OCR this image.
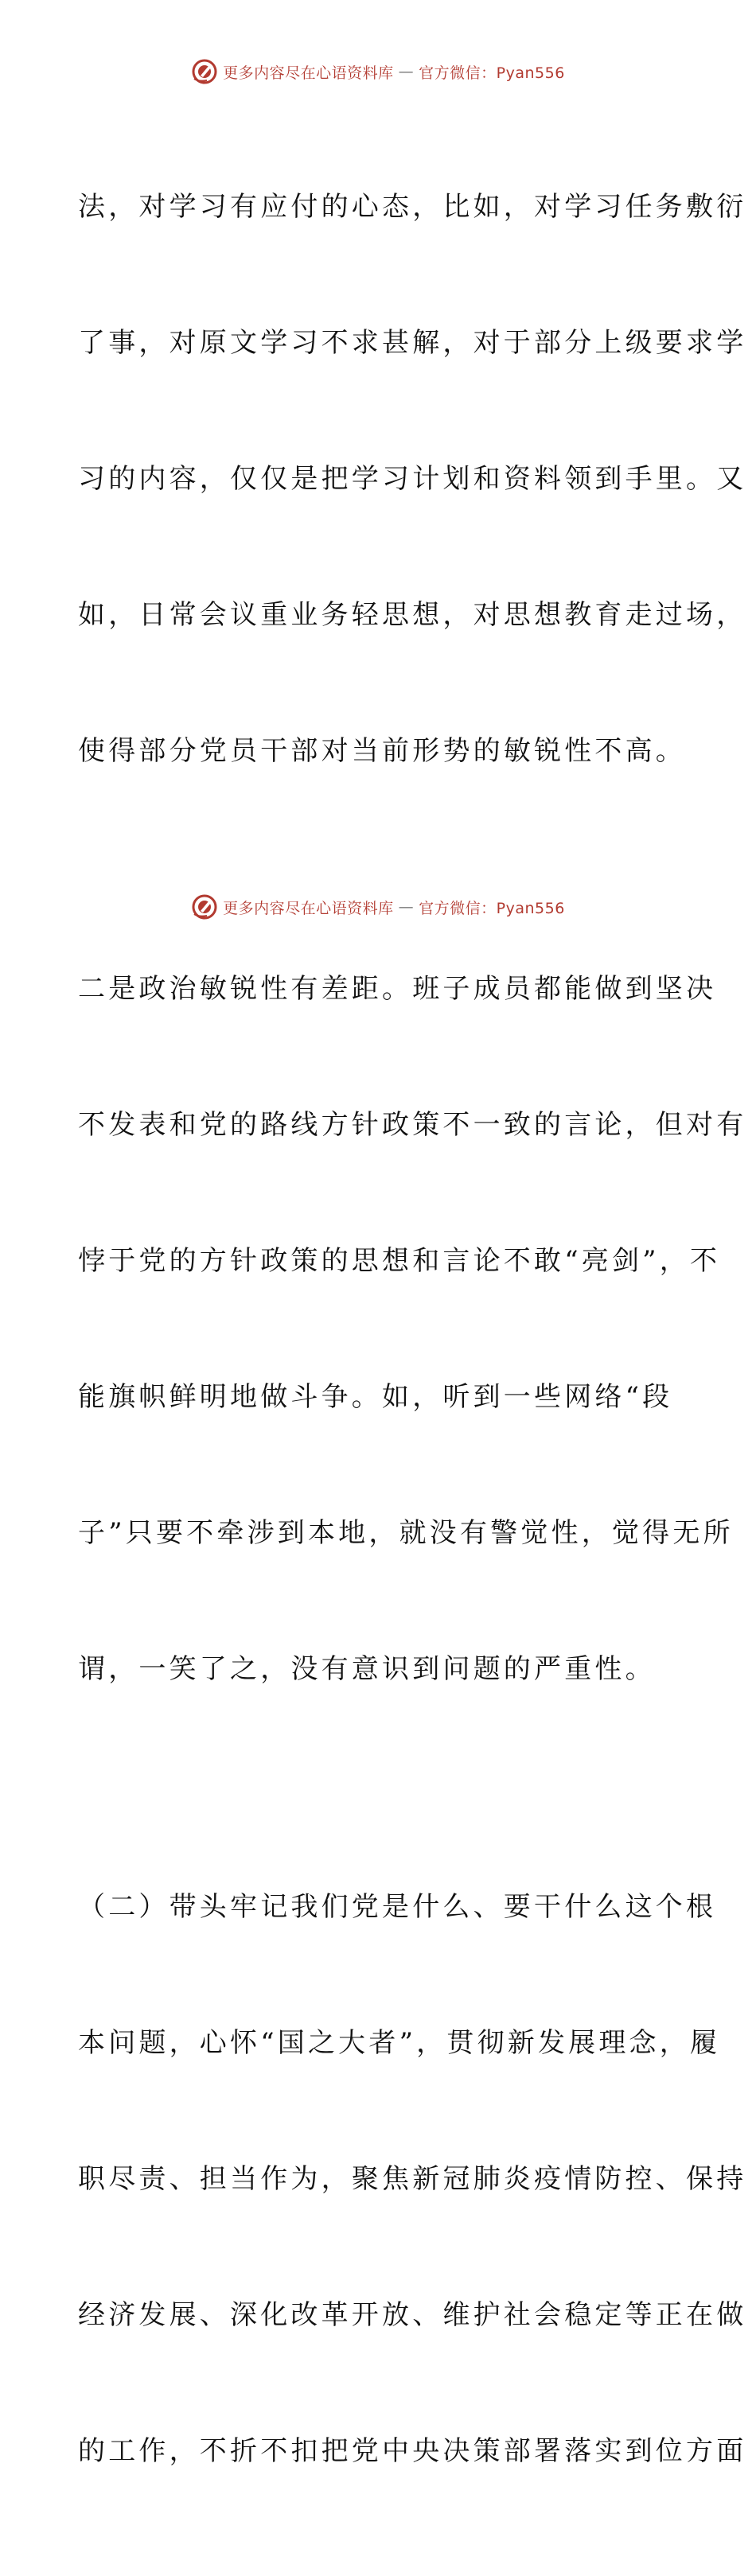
更多内容尽在心语资料库 — 官方微信：Pyan556

法，对学习有应付的心态，比如，对学习任务敷衍

了事，对原文学习不求甚解，对于部分上级要求学

习的内容，仅仅是把学习计划和资料领到手里。又

如，日常会议重业务轻思想，对思想教育走过场，

使得部分党员干部对当前形势的敏锐性不高。

二是政治敏锐性有差距。班子成员都能做到坚决

不发表和党的路线方针政策不一致的言论，但对有

悖于党的方针政策的思想和言论不敢“亮剑”，不

能旗帜鲜明地做斗争。如，听到一些网络“段

子”只要不牵涉到本地，就没有警觉性，觉得无所

谓，一笑了之，没有意识到问题的严重性。

（二）带头牢记我们党是什么、要干什么这个根

本问题，心怀“国之大者”，贯彻新发展理念，履

职尽责、担当作为，聚焦新冠肺炎疫情防控、保持

经济发展、深化改革开放、维护社会稳定等正在做

的工作，不折不扣把党中央决策部署落实到位方面

更多内容尽在心语资料库 — 官方微信：Pyan556
